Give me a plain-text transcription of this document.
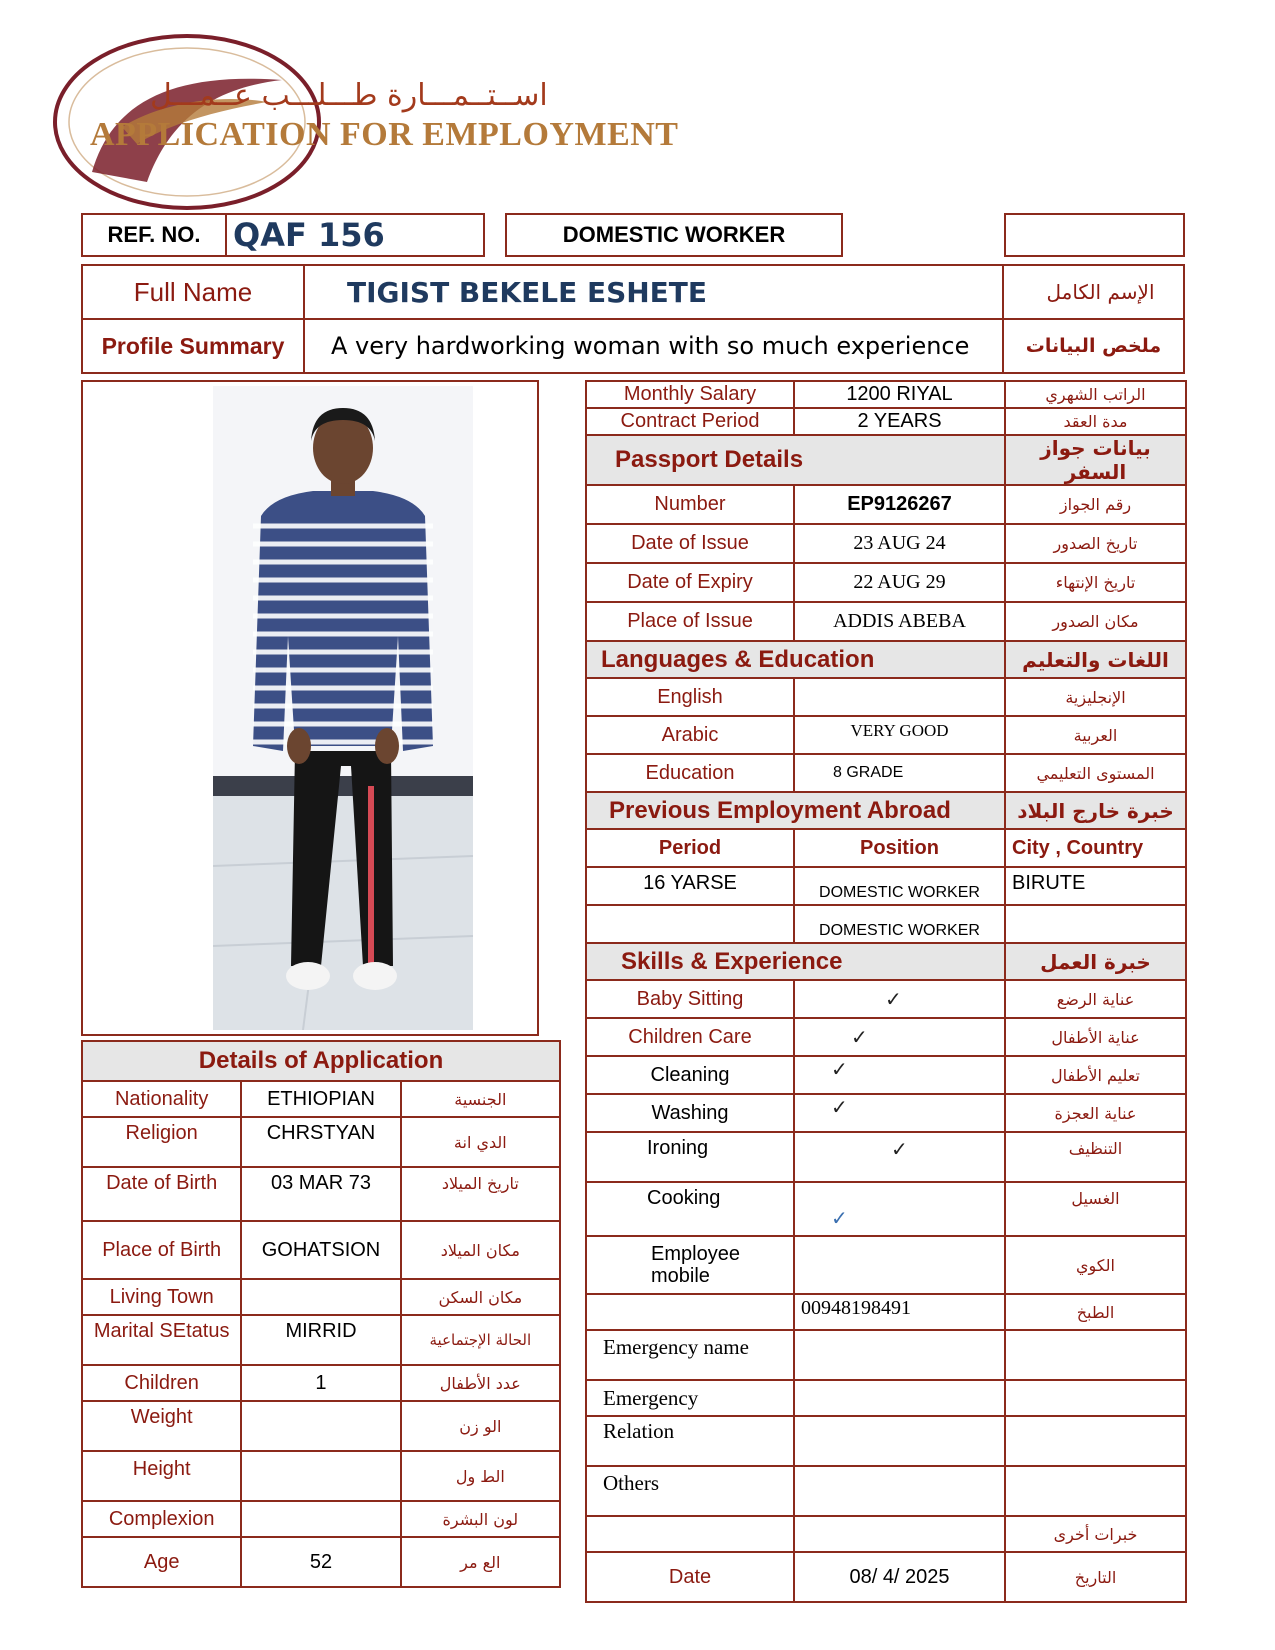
اســتــمـــارة طـــلـــب عــمـــل
APPLICATION FOR EMPLOYMENT
REF. NO.	QAF 156	DOMESTIC WORKER
Full Name	TIGIST BEKELE ESHETE	الإسم الكامل
Profile Summary	A very hardworking woman with so much experience	ملخص البيانات
Details of Application		
Nationality	ETHIOPIAN	الجنسية
Religion	CHRSTYAN	الدي انة
Date of Birth	03 MAR 73	تاريخ الميلاد
Place of Birth	GOHATSION	مكان الميلاد
Living Town		مكان السكن
Marital SEtatus	MIRRID	الحالة الإجتماعية
Children	1	عدد الأطفال
Weight		الو زن
Height		الط ول
Complexion		لون البشرة
Age	52	الع مر
Monthly Salary	1200 RIYAL	الراتب الشهري
Contract Period	2 YEARS	مدة العقد
Passport Details		بيانات جواز السفر
Number	EP9126267	رقم الجواز
Date of Issue	23 AUG 24	تاريخ الصدور
Date of Expiry	22 AUG 29	تاريخ الإنتهاء
Place of Issue	ADDIS ABEBA	مكان الصدور
Languages & Education		اللغات والتعليم
English		الإنجليزية
Arabic	VERY GOOD	العربية
Education	8 GRADE	المستوى التعليمي
Previous Employment Abroad		خبرة خارج البلاد
Period	Position	City , Country
16 YARSE	DOMESTIC WORKER	BIRUTE
	DOMESTIC WORKER	
Skills & Experience		خبرة العمل
Baby Sitting	✓	عناية الرضع
Children Care	✓	عناية الأطفال
Cleaning	✓	تعليم الأطفال
Washing	✓	عناية العجزة
Ironing	✓	التنظيف
Cooking	✓	الغسيل
Employee mobile		الكوي
	00948198491	الطبخ
Emergency name		
Emergency		
Relation		
Others		
		خبرات أخرى
Date	08/ 4/ 2025	التاريخ
